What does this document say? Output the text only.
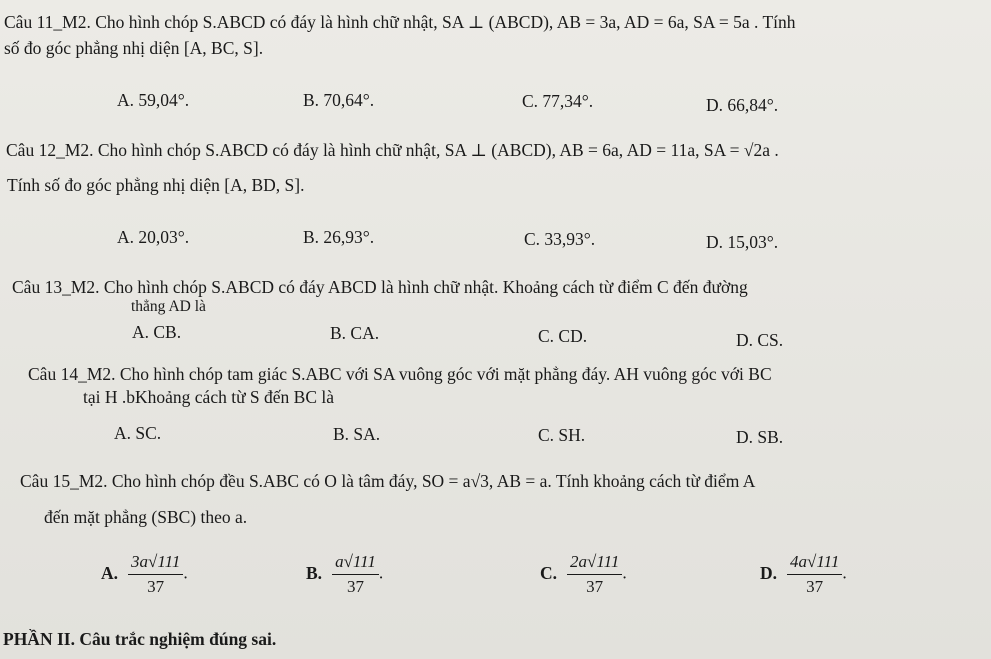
Câu 11_M2. Cho hình chóp S.ABCD có đáy là hình chữ nhật, SA ⊥ (ABCD), AB = 3a, AD = 6a, SA = 5a . Tính
số đo góc phẳng nhị diện [A, BC, S].
A. 59,04°.	B. 70,64°.	C. 77,34°.	D. 66,84°.
Câu 12_M2. Cho hình chóp S.ABCD có đáy là hình chữ nhật, SA ⊥ (ABCD), AB = 6a, AD = 11a, SA = √2a .
Tính số đo góc phẳng nhị diện [A, BD, S].
A. 20,03°.	B. 26,93°.	C. 33,93°.	D. 15,03°.
Câu 13_M2. Cho hình chóp S.ABCD có đáy ABCD là hình chữ nhật. Khoảng cách từ điểm C đến đường
thẳng AD là
A. CB.	B. CA.	C. CD.	D. CS.
Câu 14_M2. Cho hình chóp tam giác S.ABC với SA vuông góc với mặt phẳng đáy. AH vuông góc với BC
tại H .bKhoảng cách từ S đến BC là
A. SC.	B. SA.	C. SH.	D. SB.
Câu 15_M2. Cho hình chóp đều S.ABC có O là tâm đáy, SO = a√3, AB = a. Tính khoảng cách từ điểm A
đến mặt phẳng (SBC) theo a.
A. $\frac{3a√111}{37}$ .	B. $\frac{a√111}{37}$ .	C. $\frac{2a√111}{37}$ .	D. $\frac{4a√111}{37}$ .
PHẦN II. Câu trắc nghiệm đúng sai.
